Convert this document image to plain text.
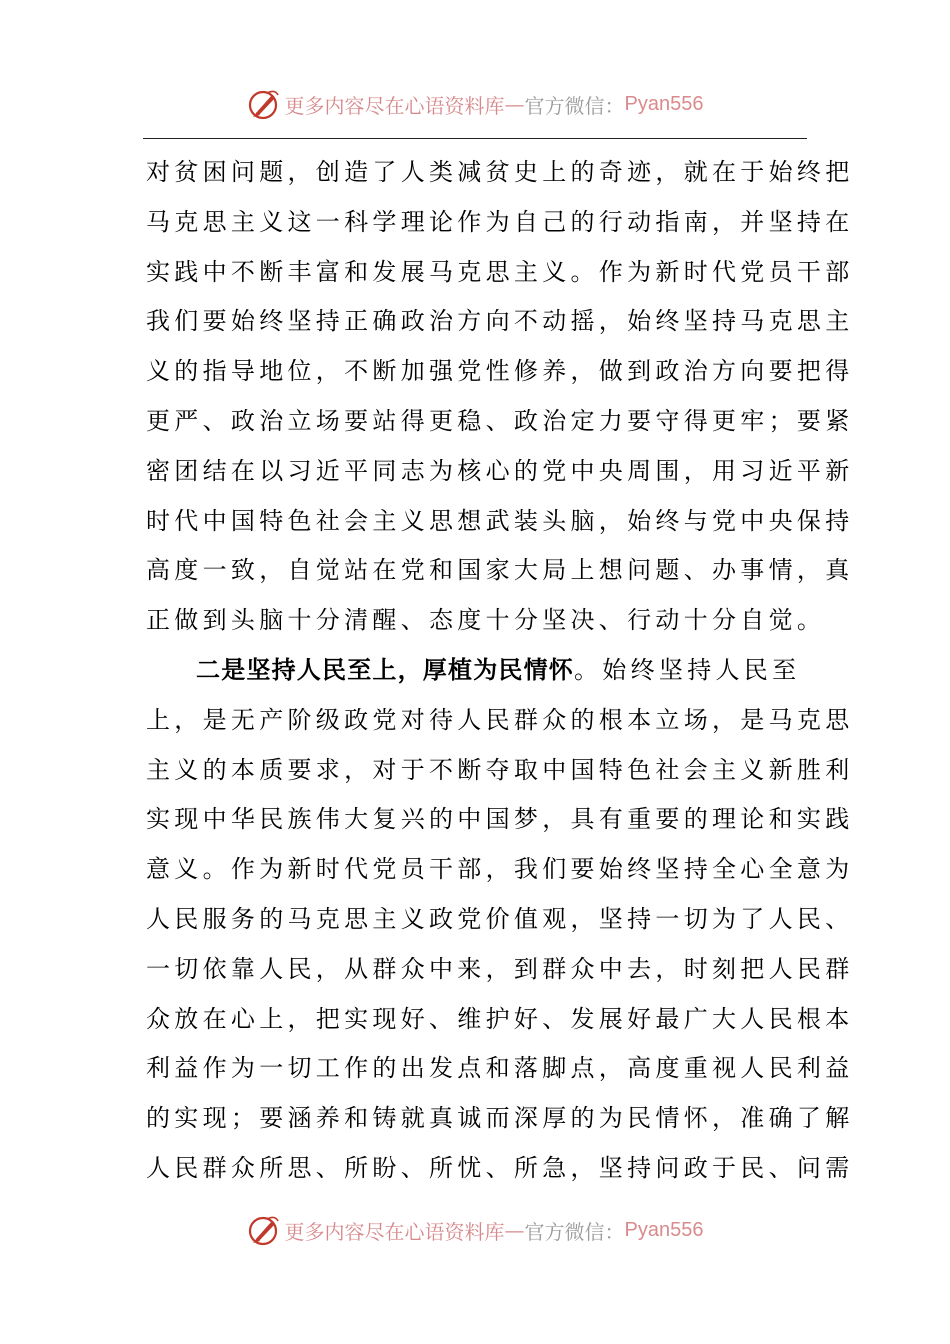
更多内容尽在心语资料库 — 官方微信： Pyan556
对贫困问题，创造了人类减贫史上的奇迹，就在于始终把
马克思主义这一科学理论作为自己的行动指南，并坚持在
实践中不断丰富和发展马克思主义。作为新时代党员干部
我们要始终坚持正确政治方向不动摇，始终坚持马克思主
义的指导地位，不断加强党性修养，做到政治方向要把得
更严、政治立场要站得更稳、政治定力要守得更牢；要紧
密团结在以习近平同志为核心的党中央周围，用习近平新
时代中国特色社会主义思想武装头脑，始终与党中央保持
高度一致，自觉站在党和国家大局上想问题、办事情，真
正做到头脑十分清醒、态度十分坚决、行动十分自觉。
二是坚持人民至上，厚植为民情怀。始终坚持人民至
上，是无产阶级政党对待人民群众的根本立场，是马克思
主义的本质要求，对于不断夺取中国特色社会主义新胜利
实现中华民族伟大复兴的中国梦，具有重要的理论和实践
意义。作为新时代党员干部，我们要始终坚持全心全意为
人民服务的马克思主义政党价值观，坚持一切为了人民、
一切依靠人民，从群众中来，到群众中去，时刻把人民群
众放在心上，把实现好、维护好、发展好最广大人民根本
利益作为一切工作的出发点和落脚点，高度重视人民利益
的实现；要涵养和铸就真诚而深厚的为民情怀，准确了解
人民群众所思、所盼、所忧、所急，坚持问政于民、问需
更多内容尽在心语资料库 — 官方微信： Pyan556
